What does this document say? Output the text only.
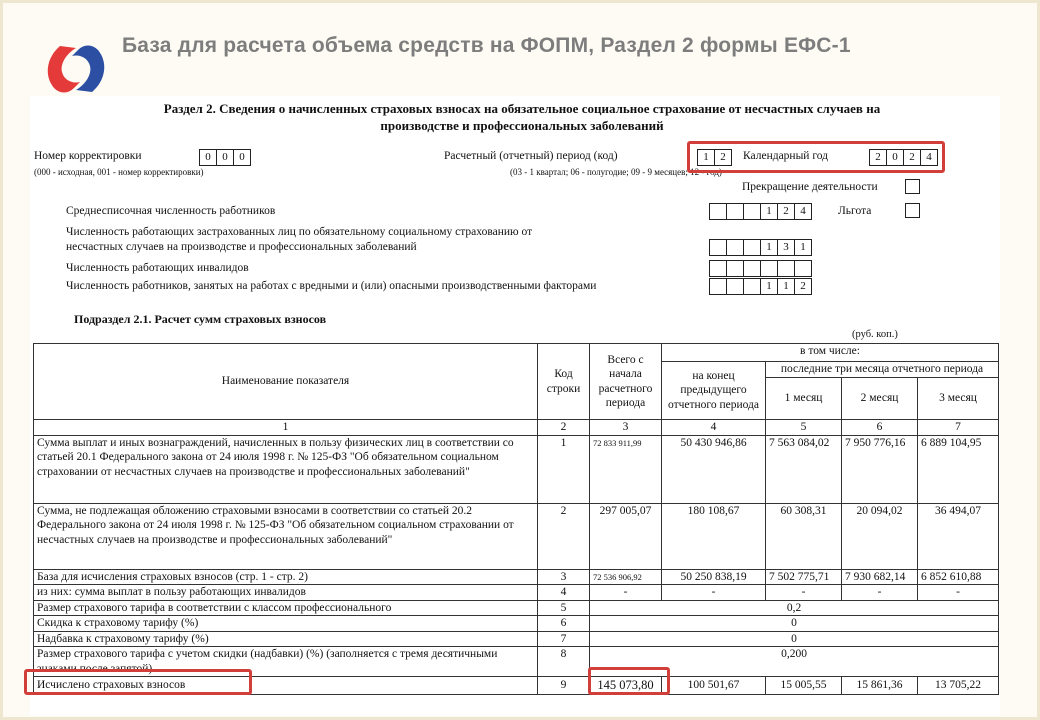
База для расчета объема средств на ФОПМ, Раздел 2 формы ЕФС-1
Раздел 2. Сведения о начисленных страховых взносах на обязательное социальное страхование от несчастных случаев на
производстве и профессиональных заболеваний
Номер корректировки	0	0	0
(000 - исходная, 001 - номер корректировки)
Расчетный (отчетный) период (код)	1	2	Календарный год	2	0	2	4
(03 - 1 квартал; 06 - полугодие; 09 - 9 месяцев; 12 - год)
Прекращение деятельности
Среднесписочная численность работников	1	2	4	Льгота
Численность работающих застрахованных лиц по обязательному социальному страхованию от
несчастных случаев на производстве и профессиональных заболеваний	1	3	1
Численность работающих инвалидов
Численность работников, занятых на работах с вредными и (или) опасными производственными факторами	1	1	2
Подраздел 2.1. Расчет сумм страховых взносов
(руб. коп.)
Наименование показателя	Код строки	Всего с начала расчетного периода	в том числе:			
			на конец предыдущего отчетного периода	последние три месяца отчетного периода		
				1 месяц	2 месяц	3 месяц
1	2	3	4	5	6	7
Сумма выплат и иных вознаграждений, начисленных в пользу физических лиц в соответствии со статьей 20.1 Федерального закона от 24 июля 1998 г. № 125-ФЗ "Об обязательном социальном страховании от несчастных случаев на производстве и профессиональных заболеваний"	1	72 833 911,99	50 430 946,86	7 563 084,02	7 950 776,16	6 889 104,95
Сумма, не подлежащая обложению страховыми взносами в соответствии со статьей 20.2 Федерального закона от 24 июля 1998 г. № 125-ФЗ "Об обязательном социальном страховании от несчастных случаев на производстве и профессиональных заболеваний"	2	297 005,07	180 108,67	60 308,31	20 094,02	36 494,07
База для исчисления страховых взносов (стр. 1 - стр. 2)	3	72 536 906,92	50 250 838,19	7 502 775,71	7 930 682,14	6 852 610,88
из них: сумма выплат в пользу работающих инвалидов	4	-	-	-	-	-
Размер страхового тарифа в соответствии с классом профессионального	5	0,2				
Скидка к страховому тарифу (%)	6	0				
Надбавка к страховому тарифу (%)	7	0				
Размер страхового тарифа с учетом скидки (надбавки) (%) (заполняется с тремя десятичными знаками после запятой)	8	0,200				
Исчислено страховых взносов	9	145 073,80	100 501,67	15 005,55	15 861,36	13 705,22
